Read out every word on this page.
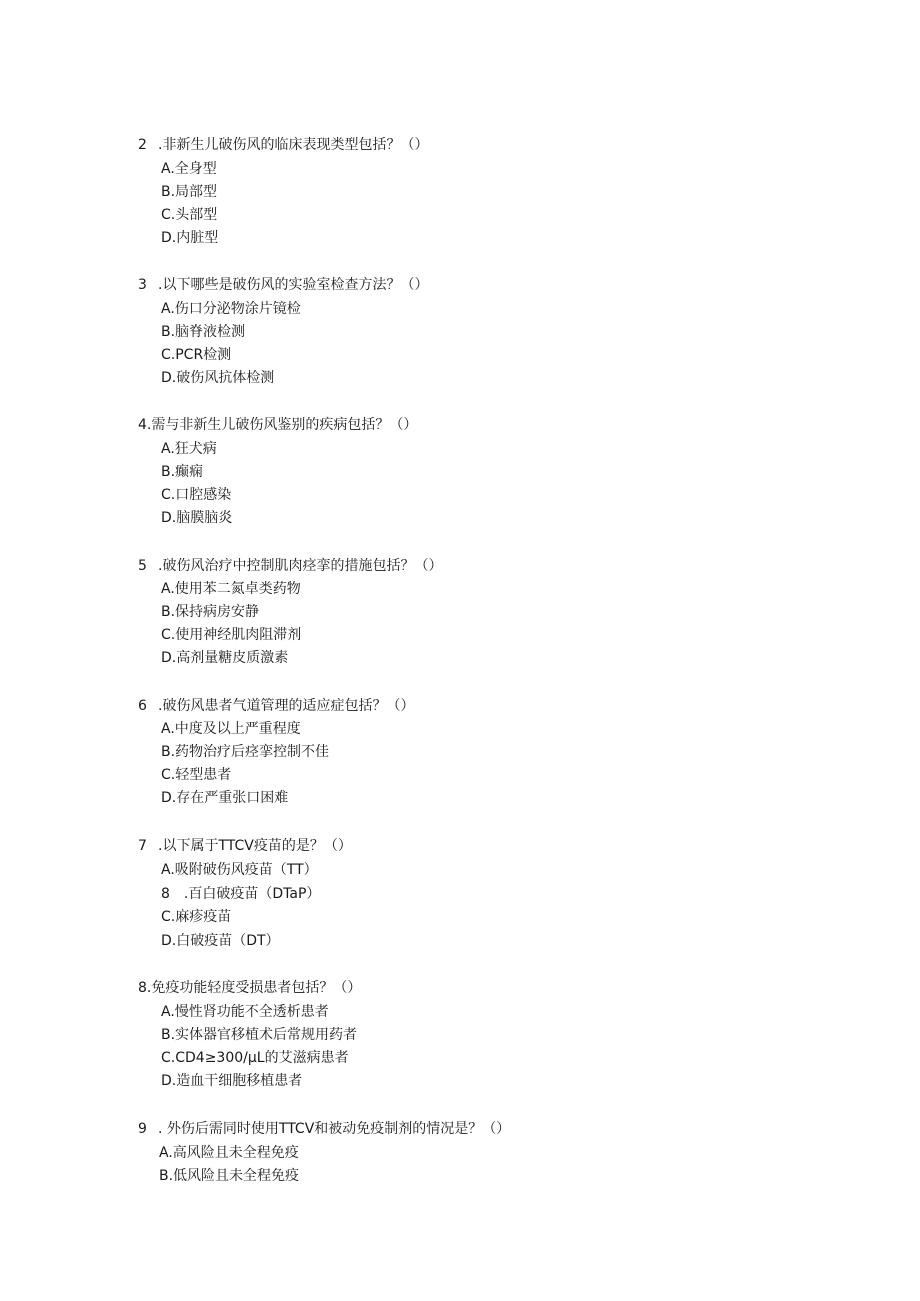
2 .非新生儿破伤风的临床表现类型包括？（）
A.全身型
B.局部型
C.头部型
D.内脏型
3 .以下哪些是破伤风的实验室检查方法？（）
A.伤口分泌物涂片镜检
B.脑脊液检测
C.PCR检测
D.破伤风抗体检测
4.需与非新生儿破伤风鉴别的疾病包括？（）
A.狂犬病
B.癫痫
C.口腔感染
D.脑膜脑炎
5 .破伤风治疗中控制肌肉痉挛的措施包括？（）
A.使用苯二氮卓类药物
B.保持病房安静
C.使用神经肌肉阻滞剂
D.高剂量糖皮质激素
6 .破伤风患者气道管理的适应症包括？（）
A.中度及以上严重程度
B.药物治疗后痉挛控制不佳
C.轻型患者
D.存在严重张口困难
7 .以下属于TTCV疫苗的是？（）
A.吸附破伤风疫苗（TT）
8　.百白破疫苗（DTaP）
C.麻疹疫苗
D.白破疫苗（DT）
8.免疫功能轻度受损患者包括？（）
A.慢性肾功能不全透析患者
B.实体器官移植术后常规用药者
C.CD4≥300/μL的艾滋病患者
D.造血干细胞移植患者
9 . 外伤后需同时使用TTCV和被动免疫制剂的情况是？（）
A.高风险且未全程免疫
B.低风险且未全程免疫
